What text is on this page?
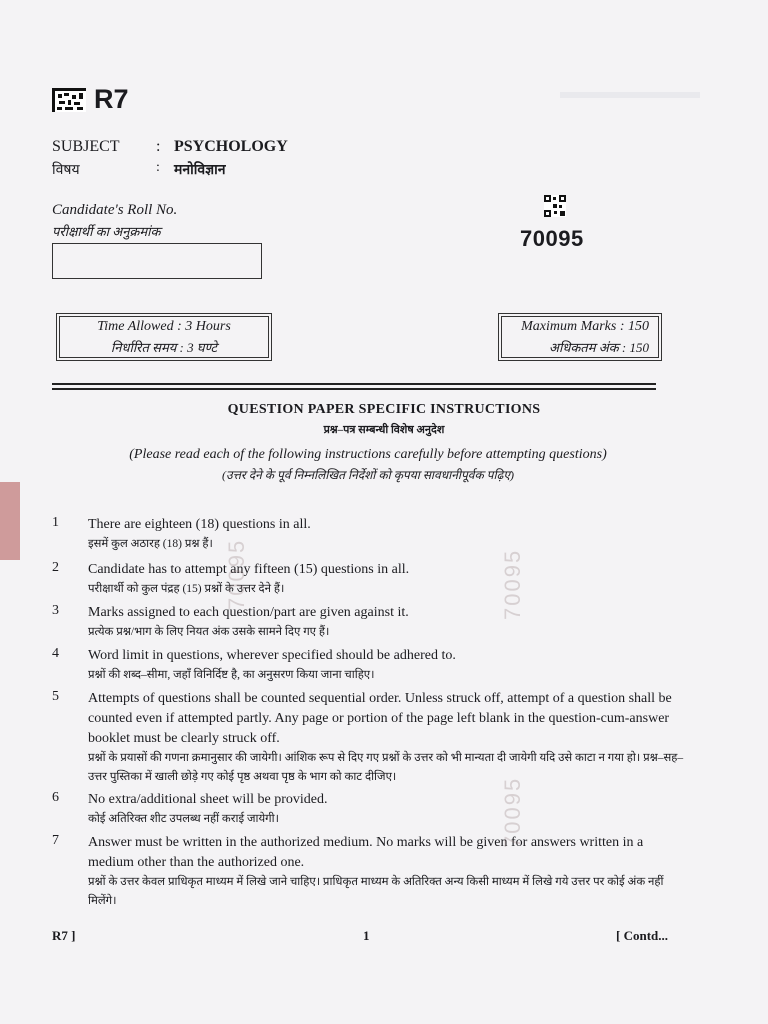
R7
SUBJECT	: PSYCHOLOGY
विषय	:	मनोविज्ञान
Candidate's Roll No.
परीक्षार्थी का अनुक्रमांक	70095
Time Allowed : 3 Hours
निर्धारित समय : 3 घण्टे
Maximum Marks : 150
अधिकतम अंक : 150
QUESTION PAPER SPECIFIC INSTRUCTIONS
प्रश्न–पत्र सम्बन्धी विशेष अनुदेश
(Please read each of the following instructions carefully before attempting questions)
(उत्तर देने के पूर्व निम्नलिखित निर्देशों को कृपया सावधानीपूर्वक पढ़िए)
1	There are eighteen (18) questions in all.
इसमें कुल अठारह (18) प्रश्न हैं।
2	Candidate has to attempt any fifteen (15) questions in all.
परीक्षार्थी को कुल पंद्रह (15) प्रश्नों के उत्तर देने हैं।
3	Marks assigned to each question/part are given against it.
प्रत्येक प्रश्न/भाग के लिए नियत अंक उसके सामने दिए गए हैं।
4	Word limit in questions, wherever specified should be adhered to.
प्रश्नों की शब्द–सीमा, जहाँ विनिर्दिष्ट है, का अनुसरण किया जाना चाहिए।
5	Attempts of questions shall be counted sequential order. Unless struck off, attempt of a question shall be counted even if attempted partly. Any page or portion of the page left blank in the question-cum-answer booklet must be clearly struck off.
प्रश्नों के प्रयासों की गणना क्रमानुसार की जायेगी। आंशिक रूप से दिए गए प्रश्नों के उत्तर को भी मान्यता दी जायेगी यदि उसे काटा न गया हो। प्रश्न–सह–उत्तर पुस्तिका में खाली छोड़े गए कोई पृष्ठ अथवा पृष्ठ के भाग को काट दीजिए।
6	No extra/additional sheet will be provided.
कोई अतिरिक्त शीट उपलब्ध नहीं कराई जायेगी।
7	Answer must be written in the authorized medium. No marks will be given for answers written in a medium other than the authorized one.
प्रश्नों के उत्तर केवल प्राधिकृत माध्यम में लिखे जाने चाहिए। प्राधिकृत माध्यम के अतिरिक्त अन्य किसी माध्यम में लिखे गये उत्तर पर कोई अंक नहीं मिलेंगे।
70095	70095
70095
R7 ]	1	[ Contd...
